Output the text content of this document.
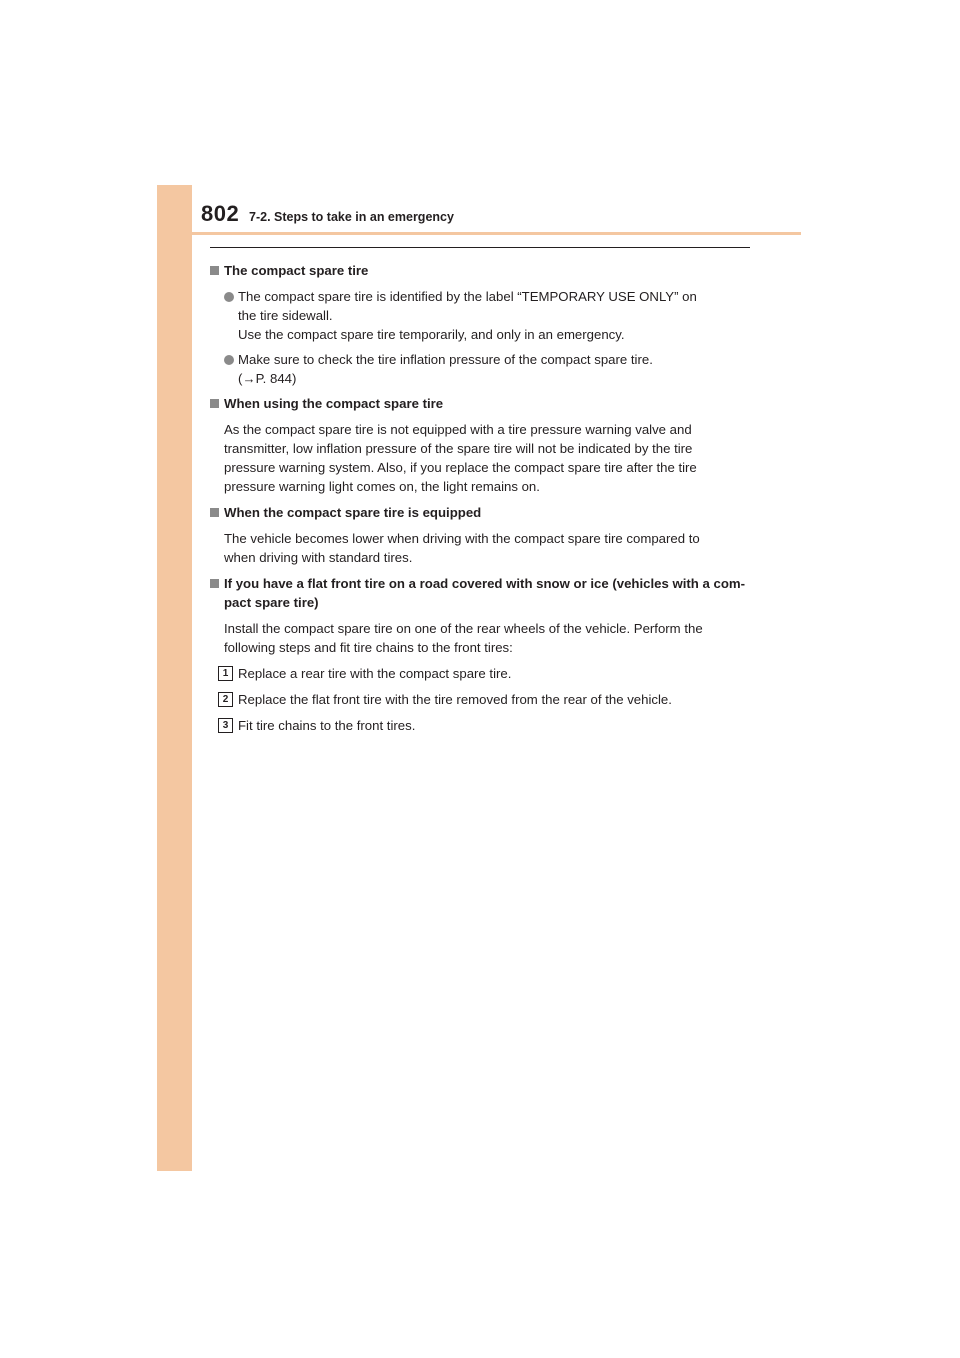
802 7-2. Steps to take in an emergency
The compact spare tire
The compact spare tire is identified by the label “TEMPORARY USE ONLY” on
the tire sidewall.
Use the compact spare tire temporarily, and only in an emergency.
Make sure to check the tire inflation pressure of the compact spare tire.
(→P. 844)
When using the compact spare tire
As the compact spare tire is not equipped with a tire pressure warning valve and
transmitter, low inflation pressure of the spare tire will not be indicated by the tire
pressure warning system. Also, if you replace the compact spare tire after the tire
pressure warning light comes on, the light remains on.
When the compact spare tire is equipped
The vehicle becomes lower when driving with the compact spare tire compared to
when driving with standard tires.
If you have a flat front tire on a road covered with snow or ice (vehicles with a com-
pact spare tire)
Install the compact spare tire on one of the rear wheels of the vehicle. Perform the
following steps and fit tire chains to the front tires:
1 Replace a rear tire with the compact spare tire.
2 Replace the flat front tire with the tire removed from the rear of the vehicle.
3 Fit tire chains to the front tires.
